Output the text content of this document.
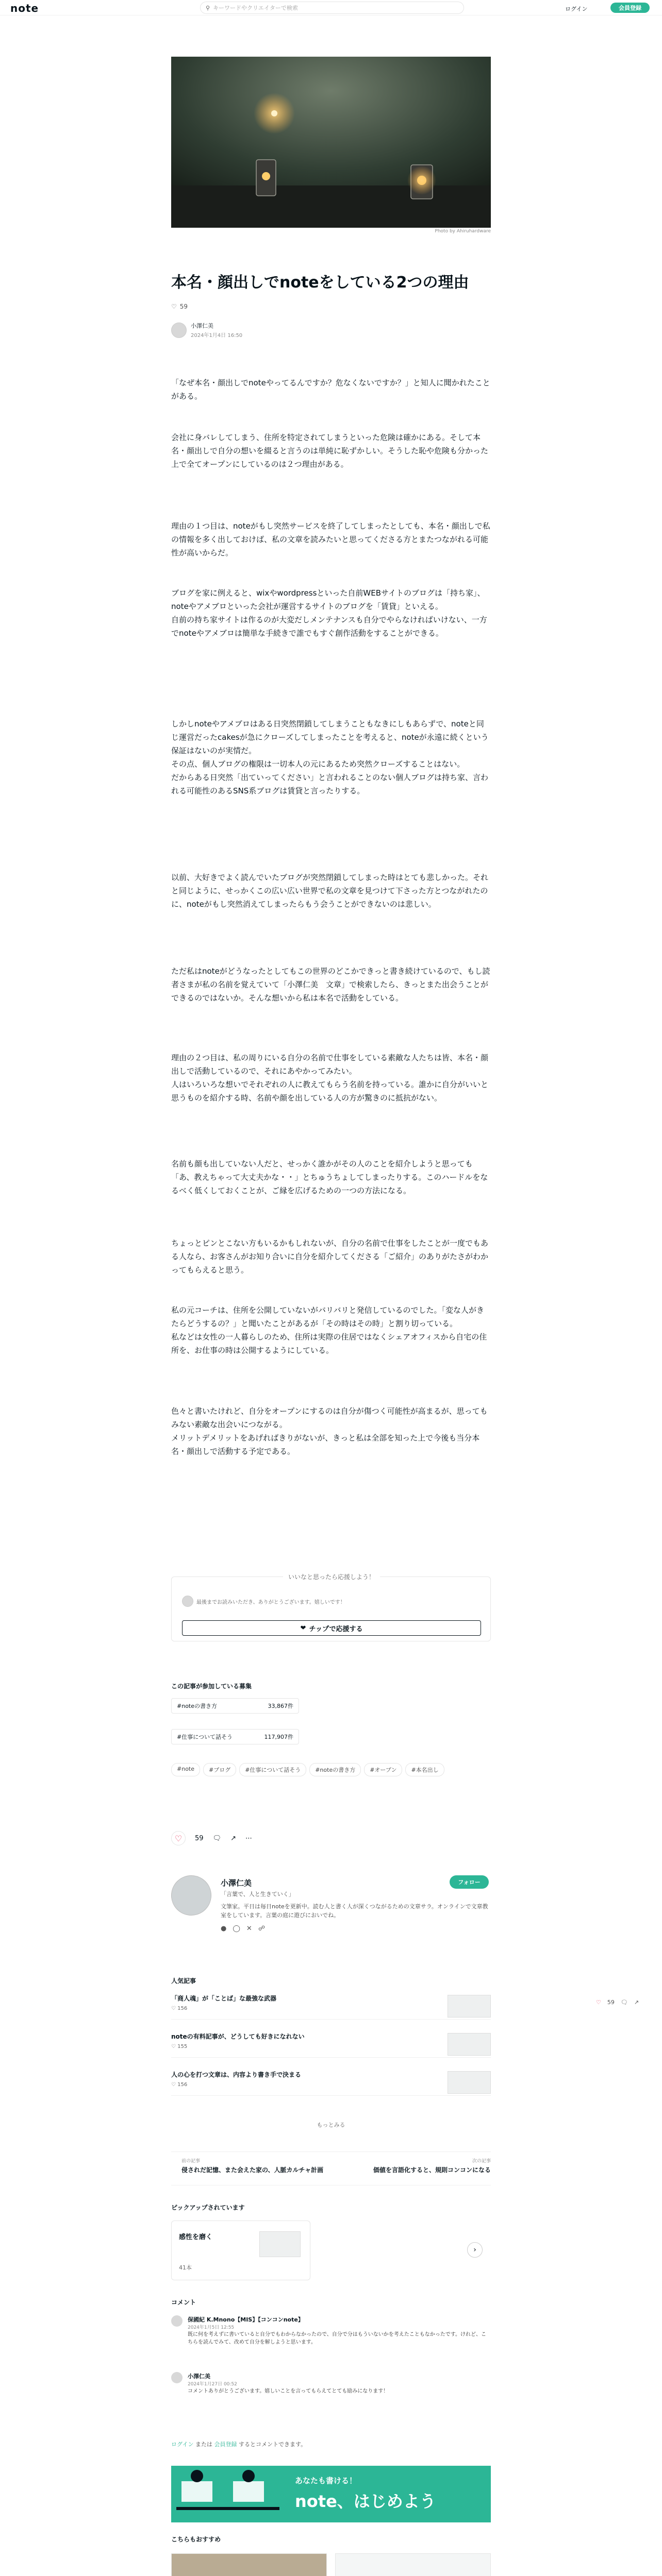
note	⚲ キーワードやクリエイターで検索	ログイン	会員登録
Photo by Ahiruhardware
本名・顔出しでnoteをしている2つの理由
♡ 59
小澤仁美
2024年1月4日 16:50

「なぜ本名・顔出しでnoteやってるんですか？危なくないですか？」と知人に聞かれたことがある。

会社に身バレしてしまう、住所を特定されてしまうといった危険は確かにある。そして本名・顔出しで自分の想いを綴ると言うのは単純に恥ずかしい。そうした恥や危険も分かった上で全てオープンにしているのは２つ理由がある。

理由の１つ目は、noteがもし突然サービスを終了してしまったとしても、本名・顔出しで私の情報を多く出しておけば、私の文章を読みたいと思ってくださる方とまたつながれる可能性が高いからだ。

ブログを家に例えると、wixやwordpressといった自前WEBサイトのブログは「持ち家」、noteやアメブロといった会社が運営するサイトのブログを「賃貸」といえる。
自前の持ち家サイトは作るのが大変だしメンテナンスも自分でやらなければいけない、一方でnoteやアメブロは簡単な手続きで誰でもすぐ創作活動をすることができる。

しかしnoteやアメブロはある日突然閉鎖してしまうこともなきにしもあらずで、noteと同じ運営だったcakesが急にクローズしてしまったことを考えると、noteが永遠に続くという保証はないのが実情だ。
その点、個人ブログの権限は一切本人の元にあるため突然クローズすることはない。
だからある日突然「出ていってください」と言われることのない個人ブログは持ち家、言われる可能性のあるSNS系ブログは賃貸と言ったりする。

以前、大好きでよく読んでいたブログが突然閉鎖してしまった時はとても悲しかった。それと同じように、せっかくこの広い広い世界で私の文章を見つけて下さった方とつながれたのに、noteがもし突然消えてしまったらもう会うことができないのは悲しい。

ただ私はnoteがどうなったとしてもこの世界のどこかできっと書き続けているので、もし読者さまが私の名前を覚えていて「小澤仁美　文章」で検索したら、きっとまた出会うことができるのではないか。そんな想いから私は本名で活動をしている。

理由の２つ目は、私の周りにいる自分の名前で仕事をしている素敵な人たちは皆、本名・顔出しで活動しているので、それにあやかってみたい。
人はいろいろな想いでそれぞれの人に教えてもらう名前を持っている。誰かに自分がいいと思うものを紹介する時、名前や顔を出している人の方が驚きのに抵抗がない。

名前も顔も出していない人だと、せっかく誰かがその人のことを紹介しようと思っても「あ、教えちゃって大丈夫かな・・」とちゅうちょしてしまったりする。このハードルをなるべく低くしておくことが、ご縁を広げるための一つの方法になる。

ちょっとピンとこない方もいるかもしれないが、自分の名前で仕事をしたことが一度でもある人なら、お客さんがお知り合いに自分を紹介してくださる「ご紹介」のありがたさがわかってもらえると思う。

私の元コーチは、住所を公開していないがバリバリと発信しているのでした。「変な人がきたらどうするの？」と聞いたことがあるが「その時はその時」と割り切っている。
私などは女性の一人暮らしのため、住所は実際の住居ではなくシェアオフィスから自宅の住所を、お仕事の時は公開するようにしている。

色々と書いたけれど、自分をオープンにするのは自分が傷つく可能性が高まるが、思ってもみない素敵な出会いにつながる。
メリットデメリットをあげればきりがないが、きっと私は全部を知った上で今後も当分本名・顔出しで活動する予定である。

いいなと思ったら応援しよう！
最後までお読みいただき、ありがとうございます。嬉しいです！
❤ チップで応援する
この記事が参加している募集
#noteの書き方	33,867件
#仕事について話そう	117,907件
#note	#ブログ	#仕事について話そう	#noteの書き方	#オープン	#本名出し
♡ 59 🗨 ↗ ⋯
小澤仁美	フォロー
「言葉で、人と生きていく」
文筆家。平日は毎日noteを更新中。読む人と書く人が深くつながるための文章サラ。オンラインで文章教室をしています。言葉の庭に遊びにおいでね。
● ◯ ✕ ☍
♡ 59 🗨 ↗
人気記事
「商人魂」が「ことば」な最強な武器
♡ 156
noteの有料記事が、どうしても好きになれない
♡ 155
人の心を打つ文章は、内容より書き手で決まる
♡ 156
もっとみる
前の記事
侵されだ記憶、また会えた家の、人脈カルチャ計画
次の記事
価値を言語化すると、規則コンコンになる
ピックアップされています
感性を磨く
41本
›
コメント
保國紀 K.Mnono【MIS】【コンコンnote】
2024年1月5日 12:55
既に何を考えずに書いていると自分でもわからなかったので、自分で分はもういないかを考えたこともなかったです。けれど、こちらを読んでみて、改めて自分を解しようと思います。
小澤仁美
2024年1月27日 00:52
コメントありがとうございます。嬉しいことを言ってもらえてとても励みになります！
ログイン または 会員登録 するとコメントできます。
あなたも書ける！
note、はじめよう
こちらもおすすめ
